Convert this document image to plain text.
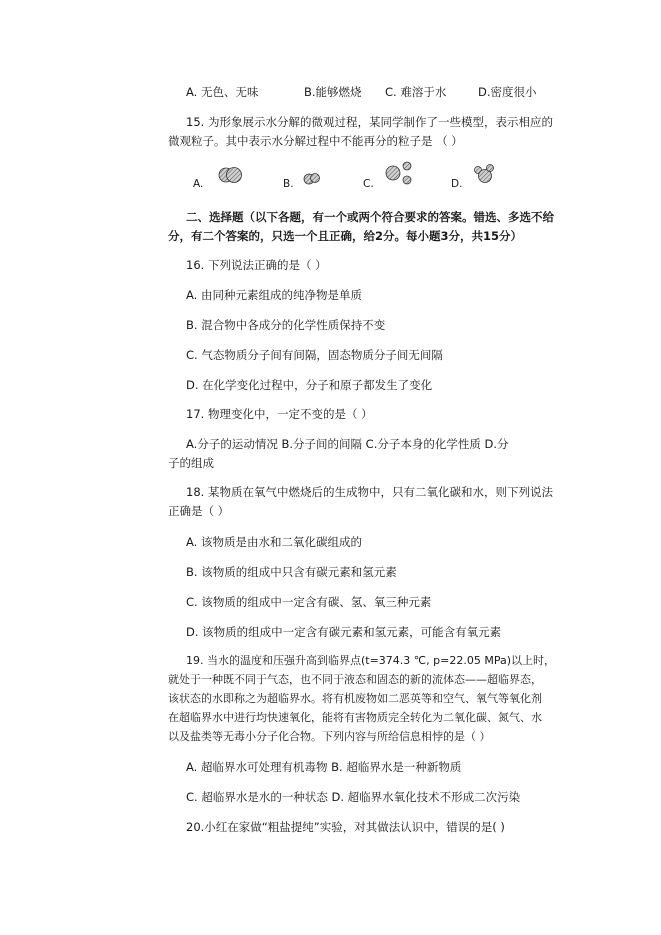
A. 无色、无味	B.能够燃烧 C. 难溶于水	D.密度很小
15. 为形象展示水分解的微观过程，某同学制作了一些模型，表示相应的
微观粒子。其中表示水分解过程中不能再分的粒子是 （ ）
A.	B.	C.	D.
二、选择题（以下各题，有一个或两个符合要求的答案。错选、多选不给
分，有二个答案的，只选一个且正确，给2分。每小题3分，共15分）
16. 下列说法正确的是（ ）
A. 由同种元素组成的纯净物是单质
B. 混合物中各成分的化学性质保持不变
C. 气态物质分子间有间隔，固态物质分子间无间隔
D. 在化学变化过程中，分子和原子都发生了变化
17. 物理变化中，一定不变的是（ ）
A.分子的运动情况 B.分子间的间隔 C.分子本身的化学性质 D.分
子的组成
18. 某物质在氧气中燃烧后的生成物中，只有二氧化碳和水，则下列说法
正确是（ ）
A. 该物质是由水和二氧化碳组成的
B. 该物质的组成中只含有碳元素和氢元素
C. 该物质的组成中一定含有碳、氢、氧三种元素
D. 该物质的组成中一定含有碳元素和氢元素，可能含有氧元素
19. 当水的温度和压强升高到临界点(t=374.3 ℃, p=22.05 MPa)以上时，
就处于一种既不同于气态，也不同于液态和固态的新的流体态——超临界态，
该状态的水即称之为超临界水。将有机废物如二恶英等和空气、氧气等氧化剂
在超临界水中进行均快速氧化，能将有害物质完全转化为二氧化碳、氮气、水
以及盐类等无毒小分子化合物。下列内容与所给信息相悖的是（ ）
A. 超临界水可处理有机毒物 B. 超临界水是一种新物质
C. 超临界水是水的一种状态 D. 超临界水氧化技术不形成二次污染
20.小红在家做“粗盐提纯”实验，对其做法认识中，错误的是( )
